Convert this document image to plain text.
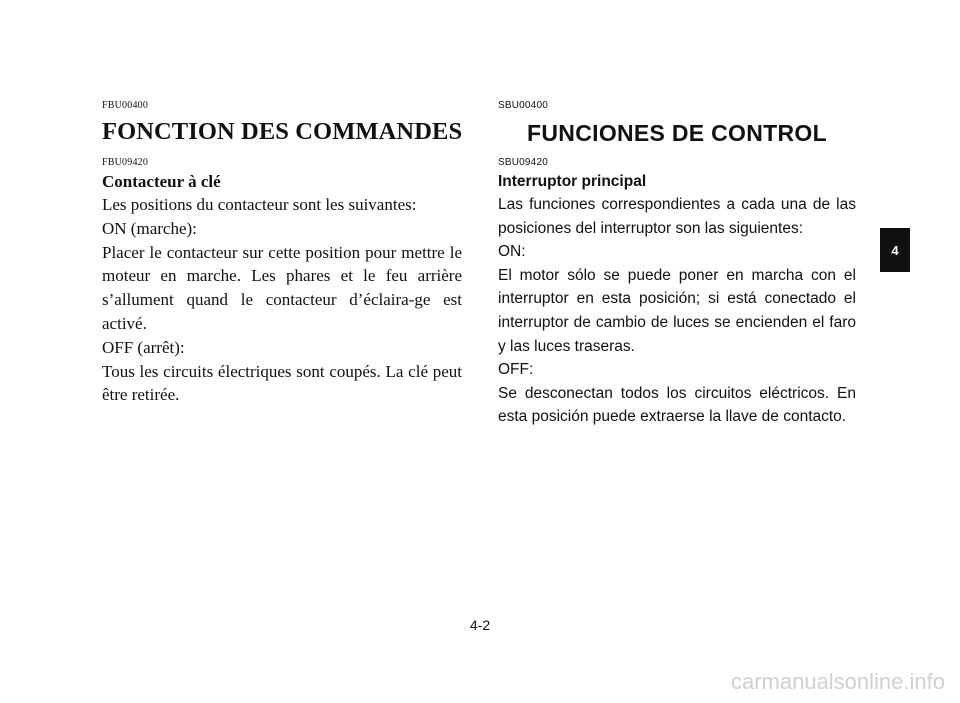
FBU00400
FONCTION DES COMMANDES
FBU09420
Contacteur à clé

Les positions du contacteur sont les suivantes:

ON (marche):

Placer le contacteur sur cette position pour mettre le moteur en marche. Les phares et le feu arrière s’allument quand le contacteur d’éclaira-ge est activé.

OFF (arrêt):

Tous les circuits électriques sont coupés. La clé peut être retirée.

SBU00400
FUNCIONES DE CONTROL
SBU09420
Interruptor principal

Las funciones correspondientes a cada una de las posiciones del interruptor son las siguientes:

ON:

El motor sólo se puede poner en marcha con el interruptor en esta posición; si está conectado el interruptor de cambio de luces se encienden el faro y las luces traseras.

OFF:

Se desconectan todos los circuitos eléctricos. En esta posición puede extraerse la llave de contacto.

4
4-2
carmanualsonline.info
